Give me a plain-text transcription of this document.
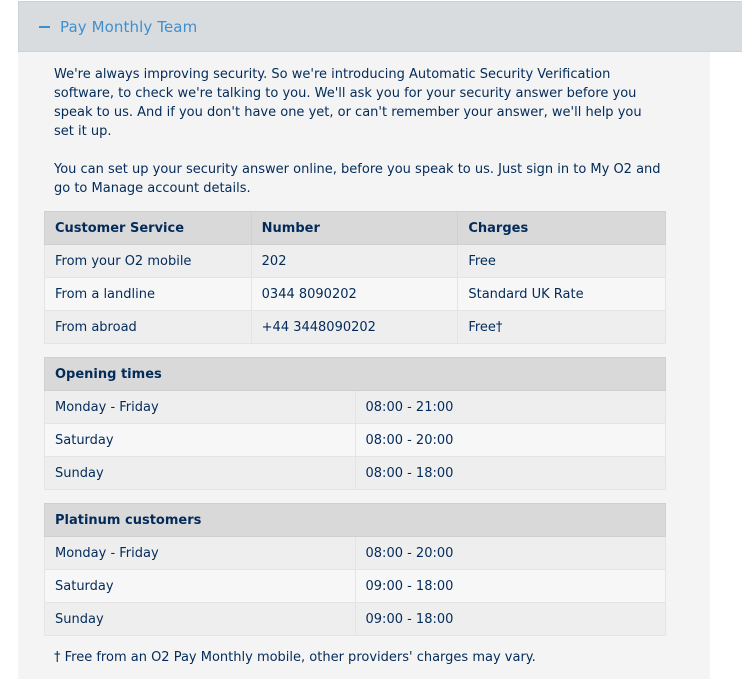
Pay Monthly Team

We're always improving security. So we're introducing Automatic Security Verification software, to check we're talking to you. We'll ask you for your security answer before you speak to us. And if you don't have one yet, or can't remember your answer, we'll help you set it up.

You can set up your security answer online, before you speak to us. Just sign in to My O2 and go to Manage account details.

Customer Service	Number	Charges
From your O2 mobile	202	Free
From a landline	0344 8090202	Standard UK Rate
From abroad	+44 3448090202	Free†
Opening times	
Monday - Friday	08:00 - 21:00
Saturday	08:00 - 20:00
Sunday	08:00 - 18:00
Platinum customers	
Monday - Friday	08:00 - 20:00
Saturday	09:00 - 18:00
Sunday	09:00 - 18:00

† Free from an O2 Pay Monthly mobile, other providers' charges may vary.
